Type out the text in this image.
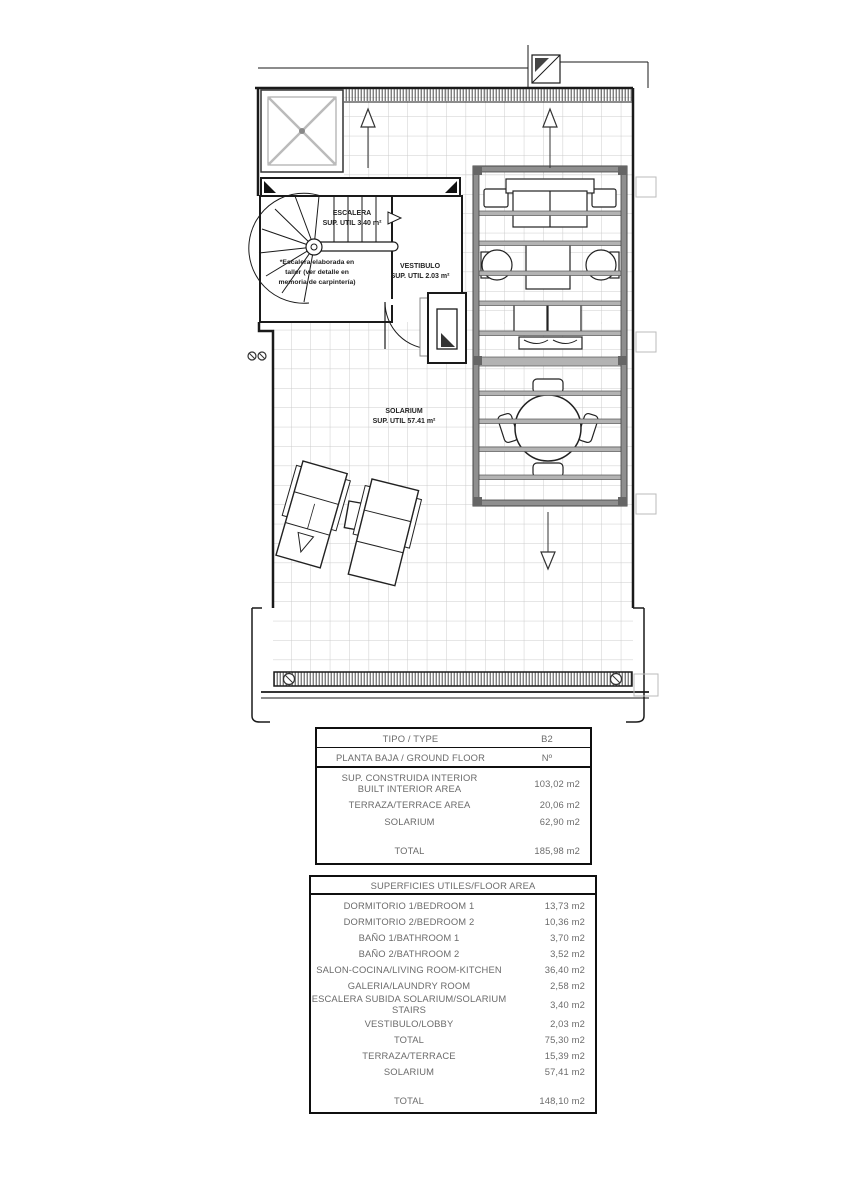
ESCALERA
SUP. UTIL 3.40 m²
*Escalera elaborada en
taller (ver detalle en
memoria de carpintería)
VESTIBULO
SUP. UTIL 2.03 m²
SOLARIUM
SUP. UTIL 57.41 m²
TIPO / TYPE	B2
PLANTA BAJA / GROUND FLOOR	Nº
SUP. CONSTRUIDA INTERIOR
BUILT INTERIOR AREA	103,02 m2
TERRAZA/TERRACE AREA	20,06 m2
SOLARIUM	62,90 m2
TOTAL	185,98 m2
SUPERFICIES UTILES/FLOOR AREA
DORMITORIO 1/BEDROOM 1	13,73 m2
DORMITORIO 2/BEDROOM 2	10,36 m2
BAÑO 1/BATHROOM 1	3,70 m2
BAÑO 2/BATHROOM 2	3,52 m2
SALON-COCINA/LIVING ROOM-KITCHEN	36,40 m2
GALERIA/LAUNDRY ROOM	2,58 m2
ESCALERA SUBIDA SOLARIUM/SOLARIUM STAIRS	3,40 m2
VESTIBULO/LOBBY	2,03 m2
TOTAL	75,30 m2
TERRAZA/TERRACE	15,39 m2
SOLARIUM	57,41 m2
TOTAL	148,10 m2
